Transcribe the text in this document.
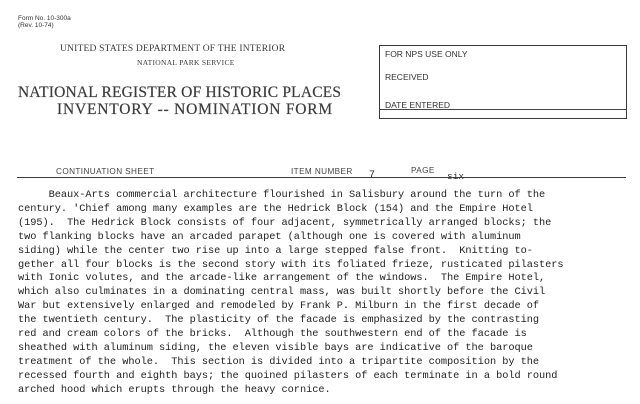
Form No. 10-300a
(Rev. 10-74)
UNITED STATES DEPARTMENT OF THE INTERIOR
NATIONAL PARK SERVICE
NATIONAL REGISTER OF HISTORIC PLACES
INVENTORY -- NOMINATION FORM
FOR NPS USE ONLY
RECEIVED
DATE ENTERED
CONTINUATION SHEET	ITEM NUMBER 7	PAGE
six
Beaux-Arts commercial architecture flourished in Salisbury around the turn of the
century. 'Chief among many examples are the Hedrick Block (154) and the Empire Hotel
(195).  The Hedrick Block consists of four adjacent, symmetrically arranged blocks; the
two flanking blocks have an arcaded parapet (although one is covered with aluminum
siding) while the center two rise up into a large stepped false front.  Knitting to-
gether all four blocks is the second story with its foliated frieze, rusticated pilasters
with Ionic volutes, and the arcade-like arrangement of the windows.  The Empire Hotel,
which also culminates in a dominating central mass, was built shortly before the Civil
War but extensively enlarged and remodeled by Frank P. Milburn in the first decade of
the twentieth century.  The plasticity of the facade is emphasized by the contrasting
red and cream colors of the bricks.  Although the southwestern end of the facade is
sheathed with aluminum siding, the eleven visible bays are indicative of the baroque
treatment of the whole.  This section is divided into a tripartite composition by the
recessed fourth and eighth bays; the quoined pilasters of each terminate in a bold round
arched hood which erupts through the heavy cornice.
